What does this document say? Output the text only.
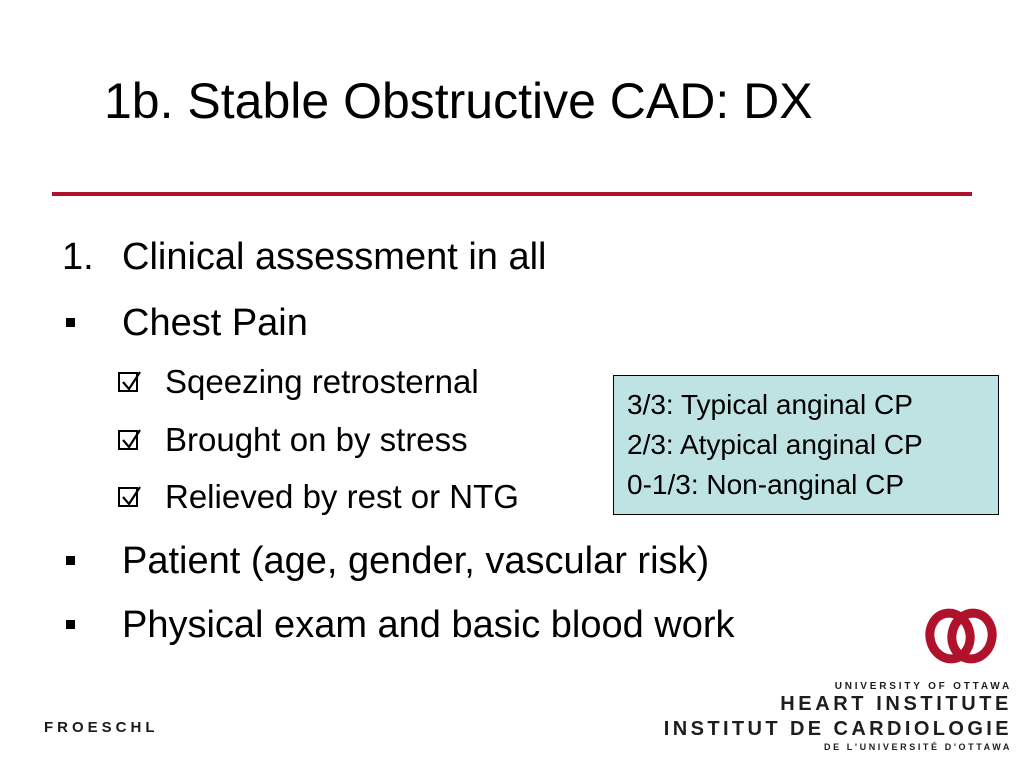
1b. Stable Obstructive CAD: DX
1. Clinical assessment in all
Chest Pain
Sqeezing retrosternal
Brought on by stress
Relieved by rest or NTG
Patient (age, gender, vascular risk)
Physical exam and basic blood work
3/3: Typical anginal CP
2/3: Atypical anginal CP
0-1/3: Non-anginal CP
UNIVERSITY OF OTTAWA
HEART INSTITUTE
INSTITUT DE CARDIOLOGIE
DE L'UNIVERSITÉ D'OTTAWA
FROESCHL
